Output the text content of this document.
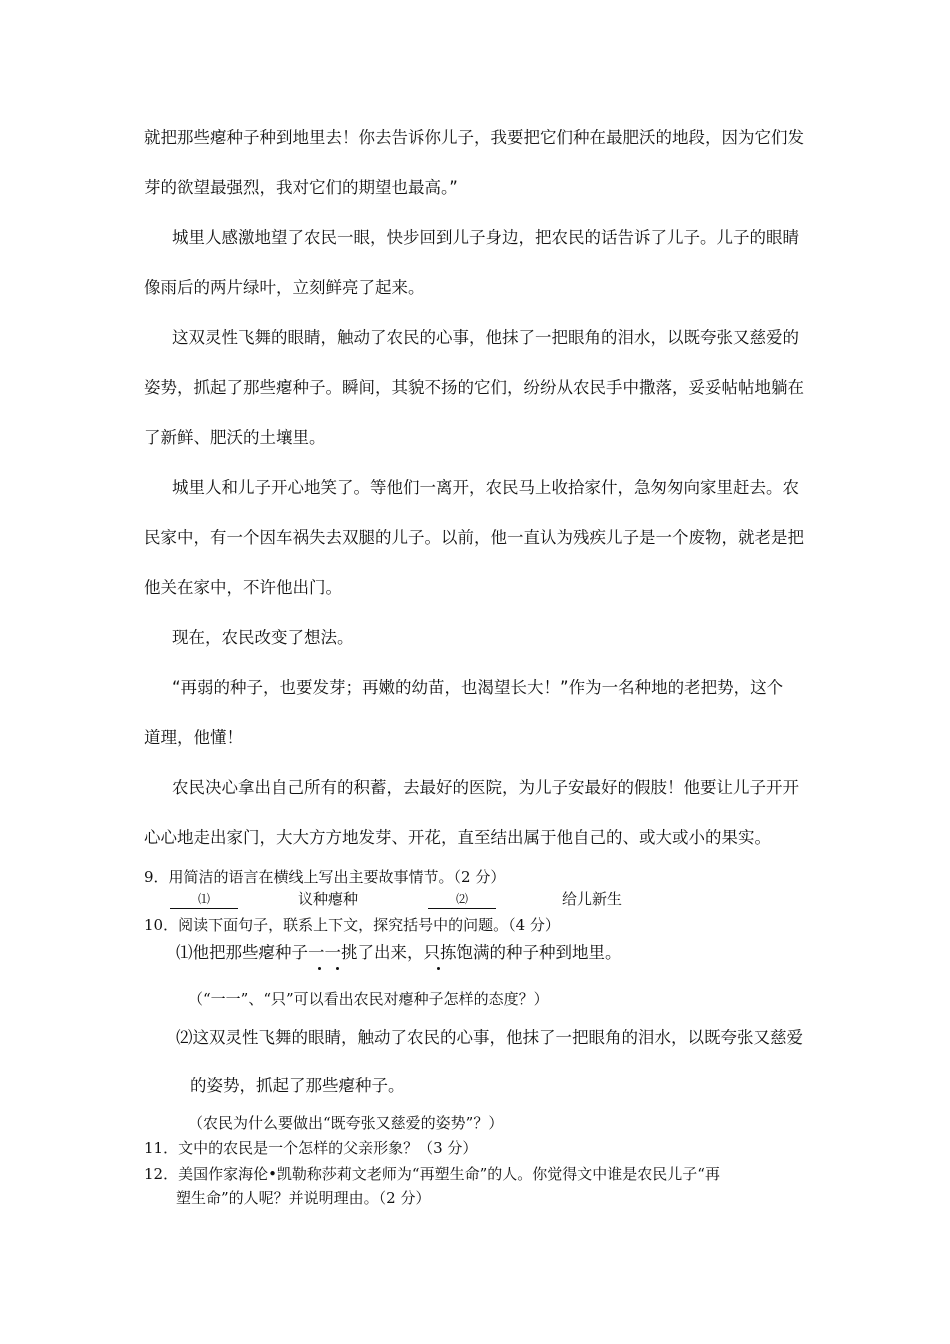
就把那些瘪种子种到地里去！你去告诉你儿子，我要把它们种在最肥沃的地段，因为它们发
芽的欲望最强烈，我对它们的期望也最高。”
城里人感激地望了农民一眼，快步回到儿子身边，把农民的话告诉了儿子。儿子的眼睛
像雨后的两片绿叶，立刻鲜亮了起来。
这双灵性飞舞的眼睛，触动了农民的心事，他抹了一把眼角的泪水，以既夸张又慈爱的
姿势，抓起了那些瘪种子。瞬间，其貌不扬的它们，纷纷从农民手中撒落，妥妥帖帖地躺在
了新鲜、肥沃的土壤里。
城里人和儿子开心地笑了。等他们一离开，农民马上收拾家什，急匆匆向家里赶去。农
民家中，有一个因车祸失去双腿的儿子。以前，他一直认为残疾儿子是一个废物，就老是把
他关在家中，不许他出门。
现在，农民改变了想法。
“再弱的种子，也要发芽；再嫩的幼苗，也渴望长大！”作为一名种地的老把势，这个
道理，他懂！
农民决心拿出自己所有的积蓄，去最好的医院，为儿子安最好的假肢！他要让儿子开开
心心地走出家门，大大方方地发芽、开花，直至结出属于他自己的、或大或小的果实。
9．用简洁的语言在横线上写出主要故事情节。（2 分）
⑴	议种瘪种	⑵	给儿新生
10．阅读下面句子，联系上下文，探究括号中的问题。（4 分）
⑴他把那些瘪种子一一挑了出来，只拣饱满的种子种到地里。
（“一一”、“只”可以看出农民对瘪种子怎样的态度？）
⑵这双灵性飞舞的眼睛，触动了农民的心事，他抹了一把眼角的泪水，以既夸张又慈爱
的姿势，抓起了那些瘪种子。
（农民为什么要做出“既夸张又慈爱的姿势”？）
11．文中的农民是一个怎样的父亲形象？（3 分）
12．美国作家海伦•凯勒称莎莉文老师为“再塑生命”的人。你觉得文中谁是农民儿子“再
塑生命”的人呢？并说明理由。（2 分）
